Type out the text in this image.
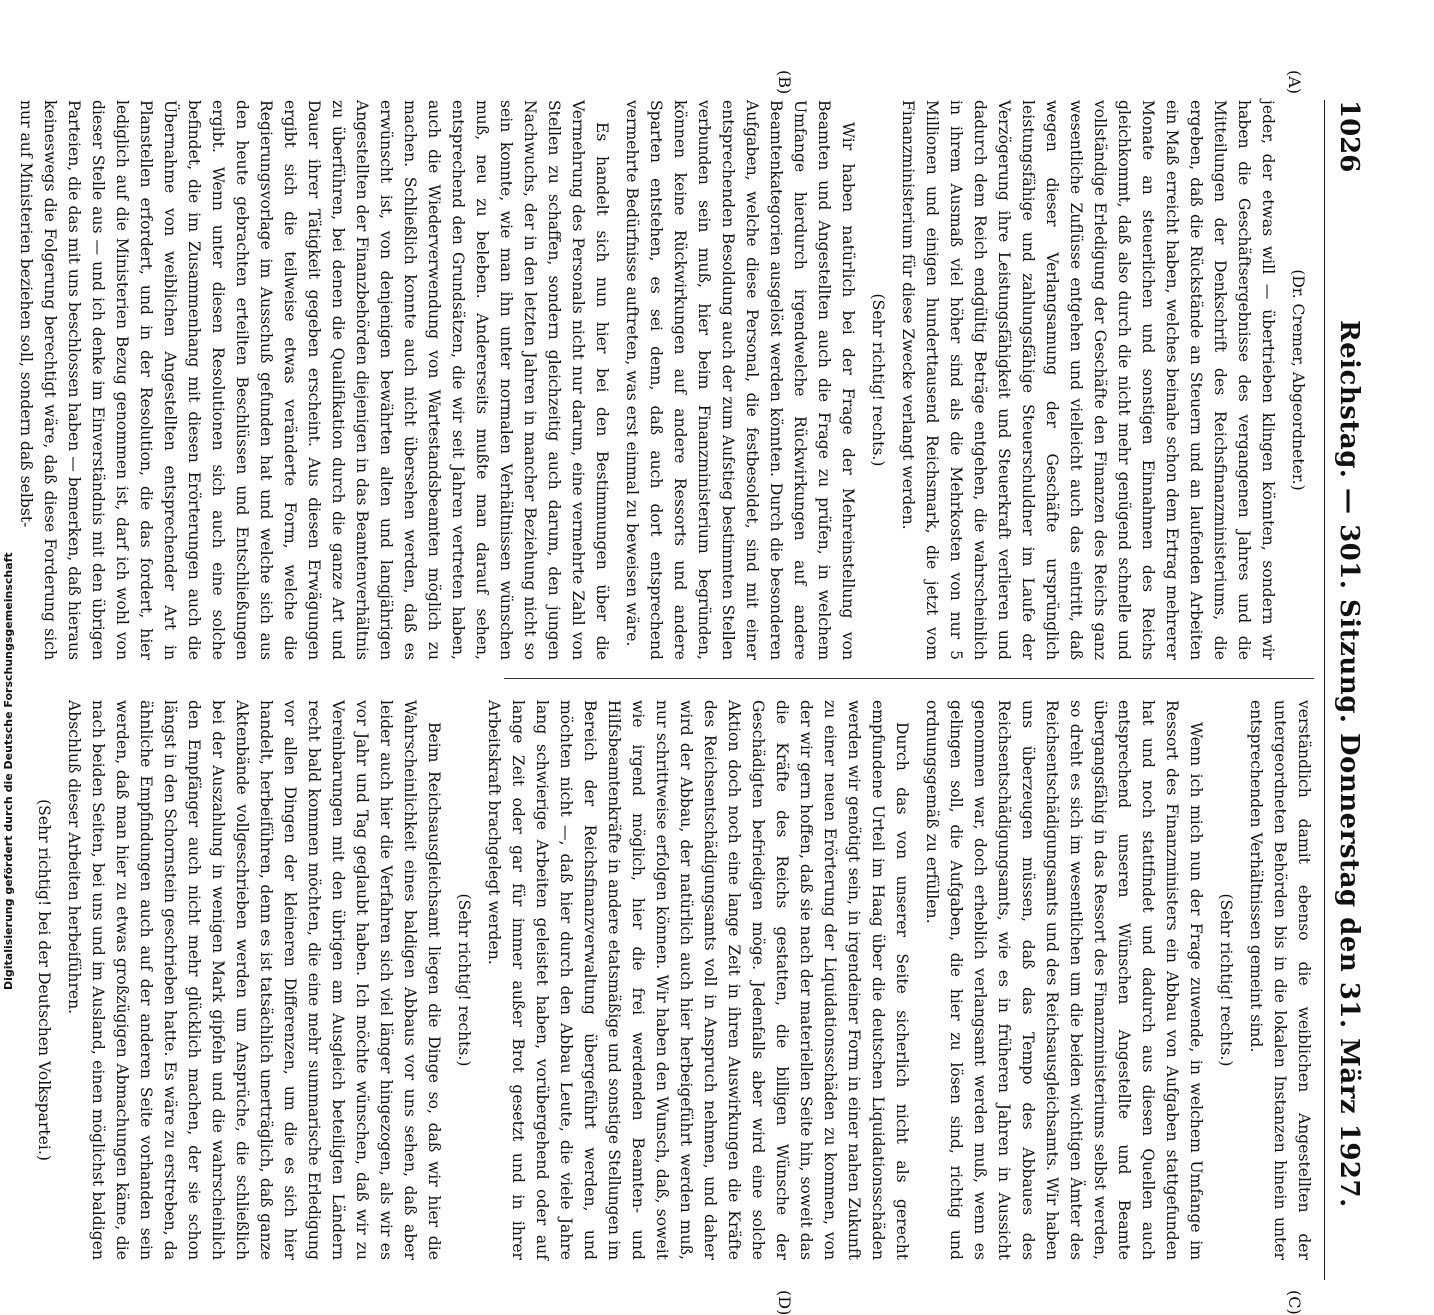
1026
Reichstag. — 301. Sitzung. Donnerstag den 31. März 1927.
(A)
(B)
(C)
(D)

(Dr. Cremer, Abgeordneter.)

jeder, der etwas will — übertrieben klingen könnten, sondern wir haben die Geschäftsergebnisse des vergangenen Jahres und die Mitteilungen der Denkschrift des Reichsfinanzministeriums, die ergeben, daß die Rückstände an Steuern und an laufenden Arbeiten ein Maß erreicht haben, welches beinahe schon dem Ertrag mehrerer Monate an steuerlichen und sonstigen Einnahmen des Reichs gleichkommt, daß also durch die nicht mehr genügend schnelle und vollständige Erledigung der Geschäfte den Finanzen des Reichs ganz wesentliche Zuflüsse entgehen und vielleicht auch das eintritt, daß wegen dieser Verlangsamung der Geschäfte ursprünglich leistungsfähige und zahlungsfähige Steuerschuldner im Laufe der Verzögerung ihre Leistungsfähigkeit und Steuerkraft verlieren und dadurch dem Reich endgültig Beträge entgehen, die wahrscheinlich in ihrem Ausmaß viel höher sind als die Mehrkosten von nur 5 Millionen und einigen hunderttausend Reichsmark, die jetzt vom Finanzministerium für diese Zwecke verlangt werden.

(Sehr richtig! rechts.)

Wir haben natürlich bei der Frage der Mehreinstellung von Beamten und Angestellten auch die Frage zu prüfen, in welchem Umfange hierdurch irgendwelche Rückwirkungen auf andere Beamtenkategorien ausgelöst werden könnten. Durch die besonderen Aufgaben, welche diese Personal, die festbesoldet, sind mit einer entsprechenden Besoldung auch der zum Aufstieg bestimmten Stellen verbunden sein muß, hier beim Finanzministerium begründen, können keine Rückwirkungen auf andere Ressorts und andere Sparten entstehen, es sei denn, daß auch dort entsprechend vermehrte Bedürfnisse auftreten, was erst einmal zu beweisen wäre.

Es handelt sich nun hier bei den Bestimmungen über die Vermehrung des Personals nicht nur darum, eine vermehrte Zahl von Stellen zu schaffen, sondern gleichzeitig auch darum, den jungen Nachwuchs, der in den letzten Jahren in mancher Beziehung nicht so sein konnte, wie man ihn unter normalen Verhältnissen wünschen muß, neu zu beleben. Andererseits mußte man darauf sehen, entsprechend den Grundsätzen, die wir seit Jahren vertreten haben, auch die Wiederverwendung von Wartestandsbeamten möglich zu machen. Schließlich konnte auch nicht übersehen werden, daß es erwünscht ist, von denjenigen bewährten alten und langjährigen Angestellten der Finanzbehörden diejenigen in das Beamtenverhältnis zu überführen, bei denen die Qualifikation durch die ganze Art und Dauer ihrer Tätigkeit gegeben erscheint. Aus diesen Erwägungen ergibt sich die teilweise etwas veränderte Form, welche die Regierungsvorlage im Ausschuß gefunden hat und welche sich aus den heute gebrachten erteilten Beschlüssen und Entschließungen ergibt. Wenn unter diesen Resolutionen sich auch eine solche befindet, die im Zusammenhang mit diesen Erörterungen auch die Übernahme von weiblichen Angestellten entsprechender Art in Planstellen erfordert, und in der Resolution, die das fordert, hier lediglich auf die Ministerien Bezug genommen ist, darf ich wohl von dieser Stelle aus — und ich denke im Einverständnis mit den übrigen Parteien, die das mit uns beschlossen haben — bemerken, daß hieraus keineswegs die Folgerung berechtigt wäre, daß diese Forderung sich nur auf Ministerien beziehen soll, sondern daß selbst-

verständlich damit ebenso die weiblichen Angestellten der untergeordneten Behörden bis in die lokalen Instanzen hinein unter entsprechenden Verhältnissen gemeint sind.

(Sehr richtig! rechts.)

Wenn ich mich nun der Frage zuwende, in welchem Umfange im Ressort des Finanzministers ein Abbau von Aufgaben stattgefunden hat und noch stattfindet und dadurch aus diesen Quellen auch entsprechend unseren Wünschen Angestellte und Beamte übergangsfähig in das Ressort des Finanzministeriums selbst werden, so dreht es sich im wesentlichen um die beiden wichtigen Ämter des Reichsentschädigungsamts und des Reichsausgleichsamts. Wir haben uns überzeugen müssen, daß das Tempo des Abbaues des Reichsentschädigungsamts, wie es in früheren Jahren in Aussicht genommen war, doch erheblich verlangsamt werden muß, wenn es gelingen soll, die Aufgaben, die hier zu lösen sind, richtig und ordnungsgemäß zu erfüllen.

Durch das von unserer Seite sicherlich nicht als gerecht empfundene Urteil im Haag über die deutschen Liquidationsschäden werden wir genötigt sein, in irgendeiner Form in einer nahen Zukunft zu einer neuen Erörterung der Liquidationsschäden zu kommen, von der wir gern hoffen, daß sie nach der materiellen Seite hin, soweit das die Kräfte des Reichs gestatten, die billigen Wünsche der Geschädigten befriedigen möge. Jedenfalls aber wird eine solche Aktion doch noch eine lange Zeit in ihren Auswirkungen die Kräfte des Reichsentschädigungsamts voll in Anspruch nehmen, und daher wird der Abbau, der natürlich auch hier herbeigeführt werden muß, nur schrittweise erfolgen können. Wir haben den Wunsch, daß, soweit wie irgend möglich, hier die frei werdenden Beamten- und Hilfsbeamtenkräfte in andere etatsmäßige und sonstige Stellungen im Bereich der Reichsfinanzverwaltung übergeführt werden, und möchten nicht —, daß hier durch den Abbau Leute, die viele Jahre lang schwierige Arbeiten geleistet haben, vorübergehend oder auf lange Zeit oder gar für immer außer Brot gesetzt und in ihrer Arbeitskraft brachgelegt werden.

(Sehr richtig! rechts.)

Beim Reichsausgleichsamt liegen die Dinge so, daß wir hier die Wahrscheinlichkeit eines baldigen Abbaus vor uns sehen, daß aber leider auch hier die Verfahren sich viel länger hingezogen, als wir es vor Jahr und Tag geglaubt haben. Ich möchte wünschen, daß wir zu Vereinbarungen mit den übrigen am Ausgleich beteiligten Ländern recht bald kommen möchten, die eine mehr summarische Erledigung vor allen Dingen der kleineren Differenzen, um die es sich hier handelt, herbeiführen, denn es ist tatsächlich unerträglich, daß ganze Aktenbände vollgeschrieben werden um Ansprüche, die schließlich bei der Auszahlung in wenigen Mark gipfeln und die wahrscheinlich den Empfänger auch nicht mehr glücklich machen, der sie schon längst in den Schornstein geschrieben hatte. Es wäre zu erstreben, da ähnliche Empfindungen auch auf der anderen Seite vorhanden sein werden, daß man hier zu etwas großzügigen Abmachungen käme, die nach beiden Seiten, bei uns und im Ausland, einen möglichst baldigen Abschluß dieser Arbeiten herbeiführen.

(Sehr richtig! bei der Deutschen Volkspartei.)

Digitalisierung gefördert durch die Deutsche Forschungsgemeinschaft
